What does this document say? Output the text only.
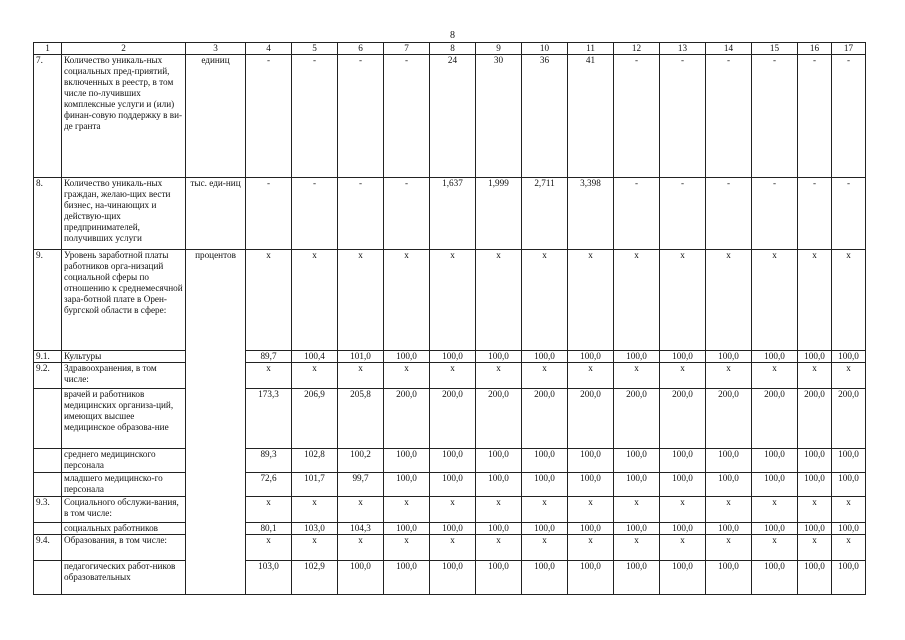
8
1	2	3	4	5	6	7	8	9	10	11	12	13	14	15	16	17
7.	Количество уникаль-ных социальных пред-приятий, включенных в реестр, в том числе по-лучивших комплексные услуги и (или) финан-совую поддержку в ви-де гранта	единиц	-	-	-	-	24	30	36	41	-	-	-	-	-	-
8.	Количество уникаль-ных граждан, желаю-щих вести бизнес, на-чинающих и действую-щих предпринимателей, получивших услуги	тыс. еди-ниц	-	-	-	-	1,637	1,999	2,711	3,398	-	-	-	-	-	-
9.	Уровень заработной платы работников орга-низаций социальной сферы по отношению к среднемесячной зара-ботной плате в Орен-бургской области в сфере:	процентов	x	x	x	x	x	x	x	x	x	x	x	x	x	x
9.1.	Культуры		89,7	100,4	101,0	100,0	100,0	100,0	100,0	100,0	100,0	100,0	100,0	100,0	100,0	100,0
9.2.	Здравоохранения, в том числе:		x	x	x	x	x	x	x	x	x	x	x	x	x	x
	врачей и работников медицинских организа-ций, имеющих высшее медицинское образова-ние		173,3	206,9	205,8	200,0	200,0	200,0	200,0	200,0	200,0	200,0	200,0	200,0	200,0	200,0
	среднего медицинского персонала		89,3	102,8	100,2	100,0	100,0	100,0	100,0	100,0	100,0	100,0	100,0	100,0	100,0	100,0
	младшего медицинско-го персонала		72,6	101,7	99,7	100,0	100,0	100,0	100,0	100,0	100,0	100,0	100,0	100,0	100,0	100,0
9.3.	Социального обслужи-вания, в том числе:		x	x	x	x	x	x	x	x	x	x	x	x	x	x
	социальных работников		80,1	103,0	104,3	100,0	100,0	100,0	100,0	100,0	100,0	100,0	100,0	100,0	100,0	100,0
9.4.	Образования, в том числе:		x	x	x	x	x	x	x	x	x	x	x	x	x	x
	педагогических работ-ников образовательных		103,0	102,9	100,0	100,0	100,0	100,0	100,0	100,0	100,0	100,0	100,0	100,0	100,0	100,0
